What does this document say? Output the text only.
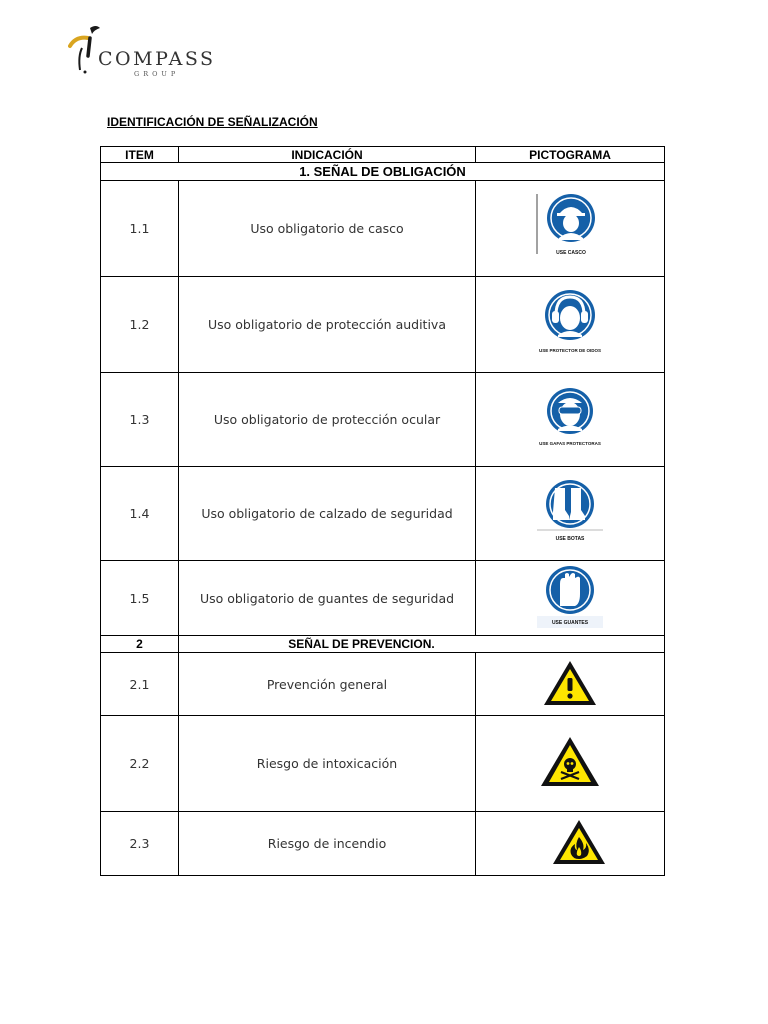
COMPASS
GROUP
IDENTIFICACIÓN DE SEÑALIZACIÓN
ITEM	INDICACIÓN	PICTOGRAMA
1. SEÑAL DE OBLIGACIÓN		
1.1	Uso obligatorio de casco	USE CASCO

1.2	Uso obligatorio de protección auditiva	USE PROTECTOR DE OIDOS

1.3	Uso obligatorio de protección ocular	USE GAFAS PROTECTORAS

1.4	Uso obligatorio de calzado de seguridad	USE BOTAS

1.5	Uso obligatorio de guantes de seguridad	USE GUANTES

2	SEÑAL DE PREVENCION.	
2.1	Prevención general	
2.2	Riesgo de intoxicación	
2.3	Riesgo de incendio	
